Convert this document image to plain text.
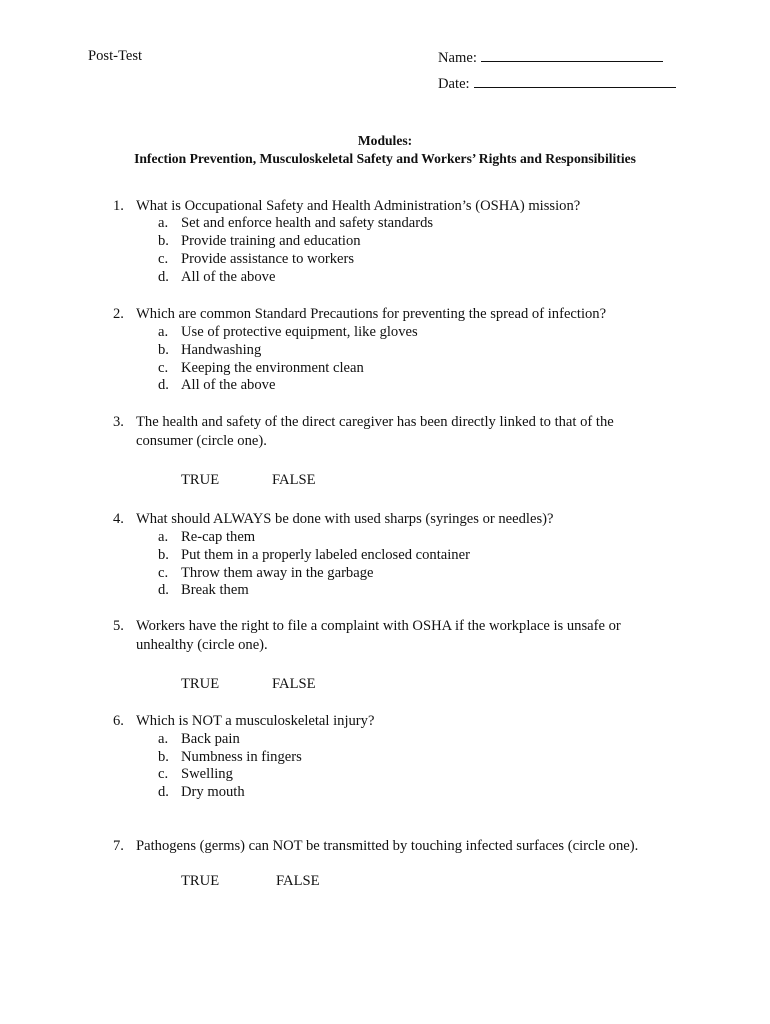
Post-Test	Name:
Date:
Modules:
Infection Prevention, Musculoskeletal Safety and Workers’ Rights and Responsibilities
1. What is Occupational Safety and Health Administration’s (OSHA) mission?
a. Set and enforce health and safety standards
b. Provide training and education
c. Provide assistance to workers
d. All of the above
2. Which are common Standard Precautions for preventing the spread of infection?
a. Use of protective equipment, like gloves
b. Handwashing
c. Keeping the environment clean
d. All of the above
3. The health and safety of the direct caregiver has been directly linked to that of the
consumer (circle one).
TRUE	FALSE
4. What should ALWAYS be done with used sharps (syringes or needles)?
a. Re-cap them
b. Put them in a properly labeled enclosed container
c. Throw them away in the garbage
d. Break them
5. Workers have the right to file a complaint with OSHA if the workplace is unsafe or
unhealthy (circle one).
TRUE	FALSE
6. Which is NOT a musculoskeletal injury?
a. Back pain
b. Numbness in fingers
c. Swelling
d. Dry mouth
7. Pathogens (germs) can NOT be transmitted by touching infected surfaces (circle one).
TRUE	FALSE
